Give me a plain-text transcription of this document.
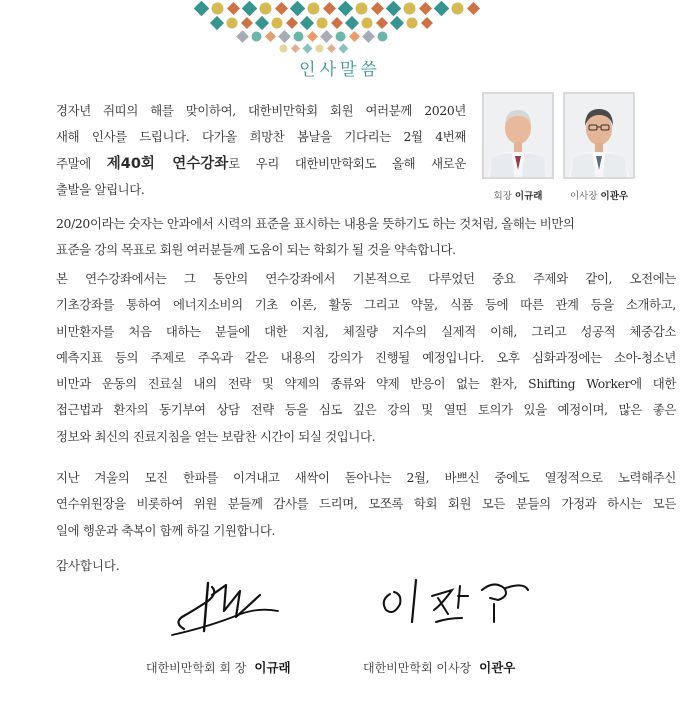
인사말씀
경자년 쥐띠의 해를 맞이하여, 대한비만학회 회원 여러분께 2020년
새해 인사를 드립니다. 다가올 희망찬 봄날을 기다리는 2월 4번째
주말에 제40회 연수강좌로 우리 대한비만학회도 올해 새로운
출발을 알립니다.	회장 이규래	이사장 이관우
20/20이라는 숫자는 안과에서 시력의 표준을 표시하는 내용을 뜻하기도 하는 것처럼, 올해는 비만의
표준을 강의 목표로 회원 여러분들께 도움이 되는 학회가 될 것을 약속합니다.
본 연수강좌에서는 그 동안의 연수강좌에서 기본적으로 다루었던 중요 주제와 같이, 오전에는
기초강좌를 통하여 에너지소비의 기초 이론, 활동 그리고 약물, 식품 등에 따른 관계 등을 소개하고,
비만환자를 처음 대하는 분들에 대한 지침, 체질량 지수의 실제적 이해, 그리고 성공적 체중감소
예측지표 등의 주제로 주옥과 같은 내용의 강의가 진행될 예정입니다. 오후 심화과정에는 소아-청소년
비만과 운동의 진료실 내의 전략 및 약제의 종류와 약제 반응이 없는 환자, Shifting Worker에 대한
접근법과 환자의 동기부여 상담 전략 등을 심도 깊은 강의 및 열띤 토의가 있을 예정이며, 많은 좋은
정보와 최신의 진료지침을 얻는 보람찬 시간이 되실 것입니다.
지난 겨울의 모진 한파를 이겨내고 새싹이 돋아나는 2월, 바쁘신 중에도 열정적으로 노력해주신
연수위원장을 비롯하여 위원 분들께 감사를 드리며, 모쪼록 학회 회원 모든 분들의 가정과 하시는 모든
일에 행운과 축복이 함께 하길 기원합니다.

감사합니다.

대한비만학회 회 장 이규래	대한비만학회 이사장 이관우
